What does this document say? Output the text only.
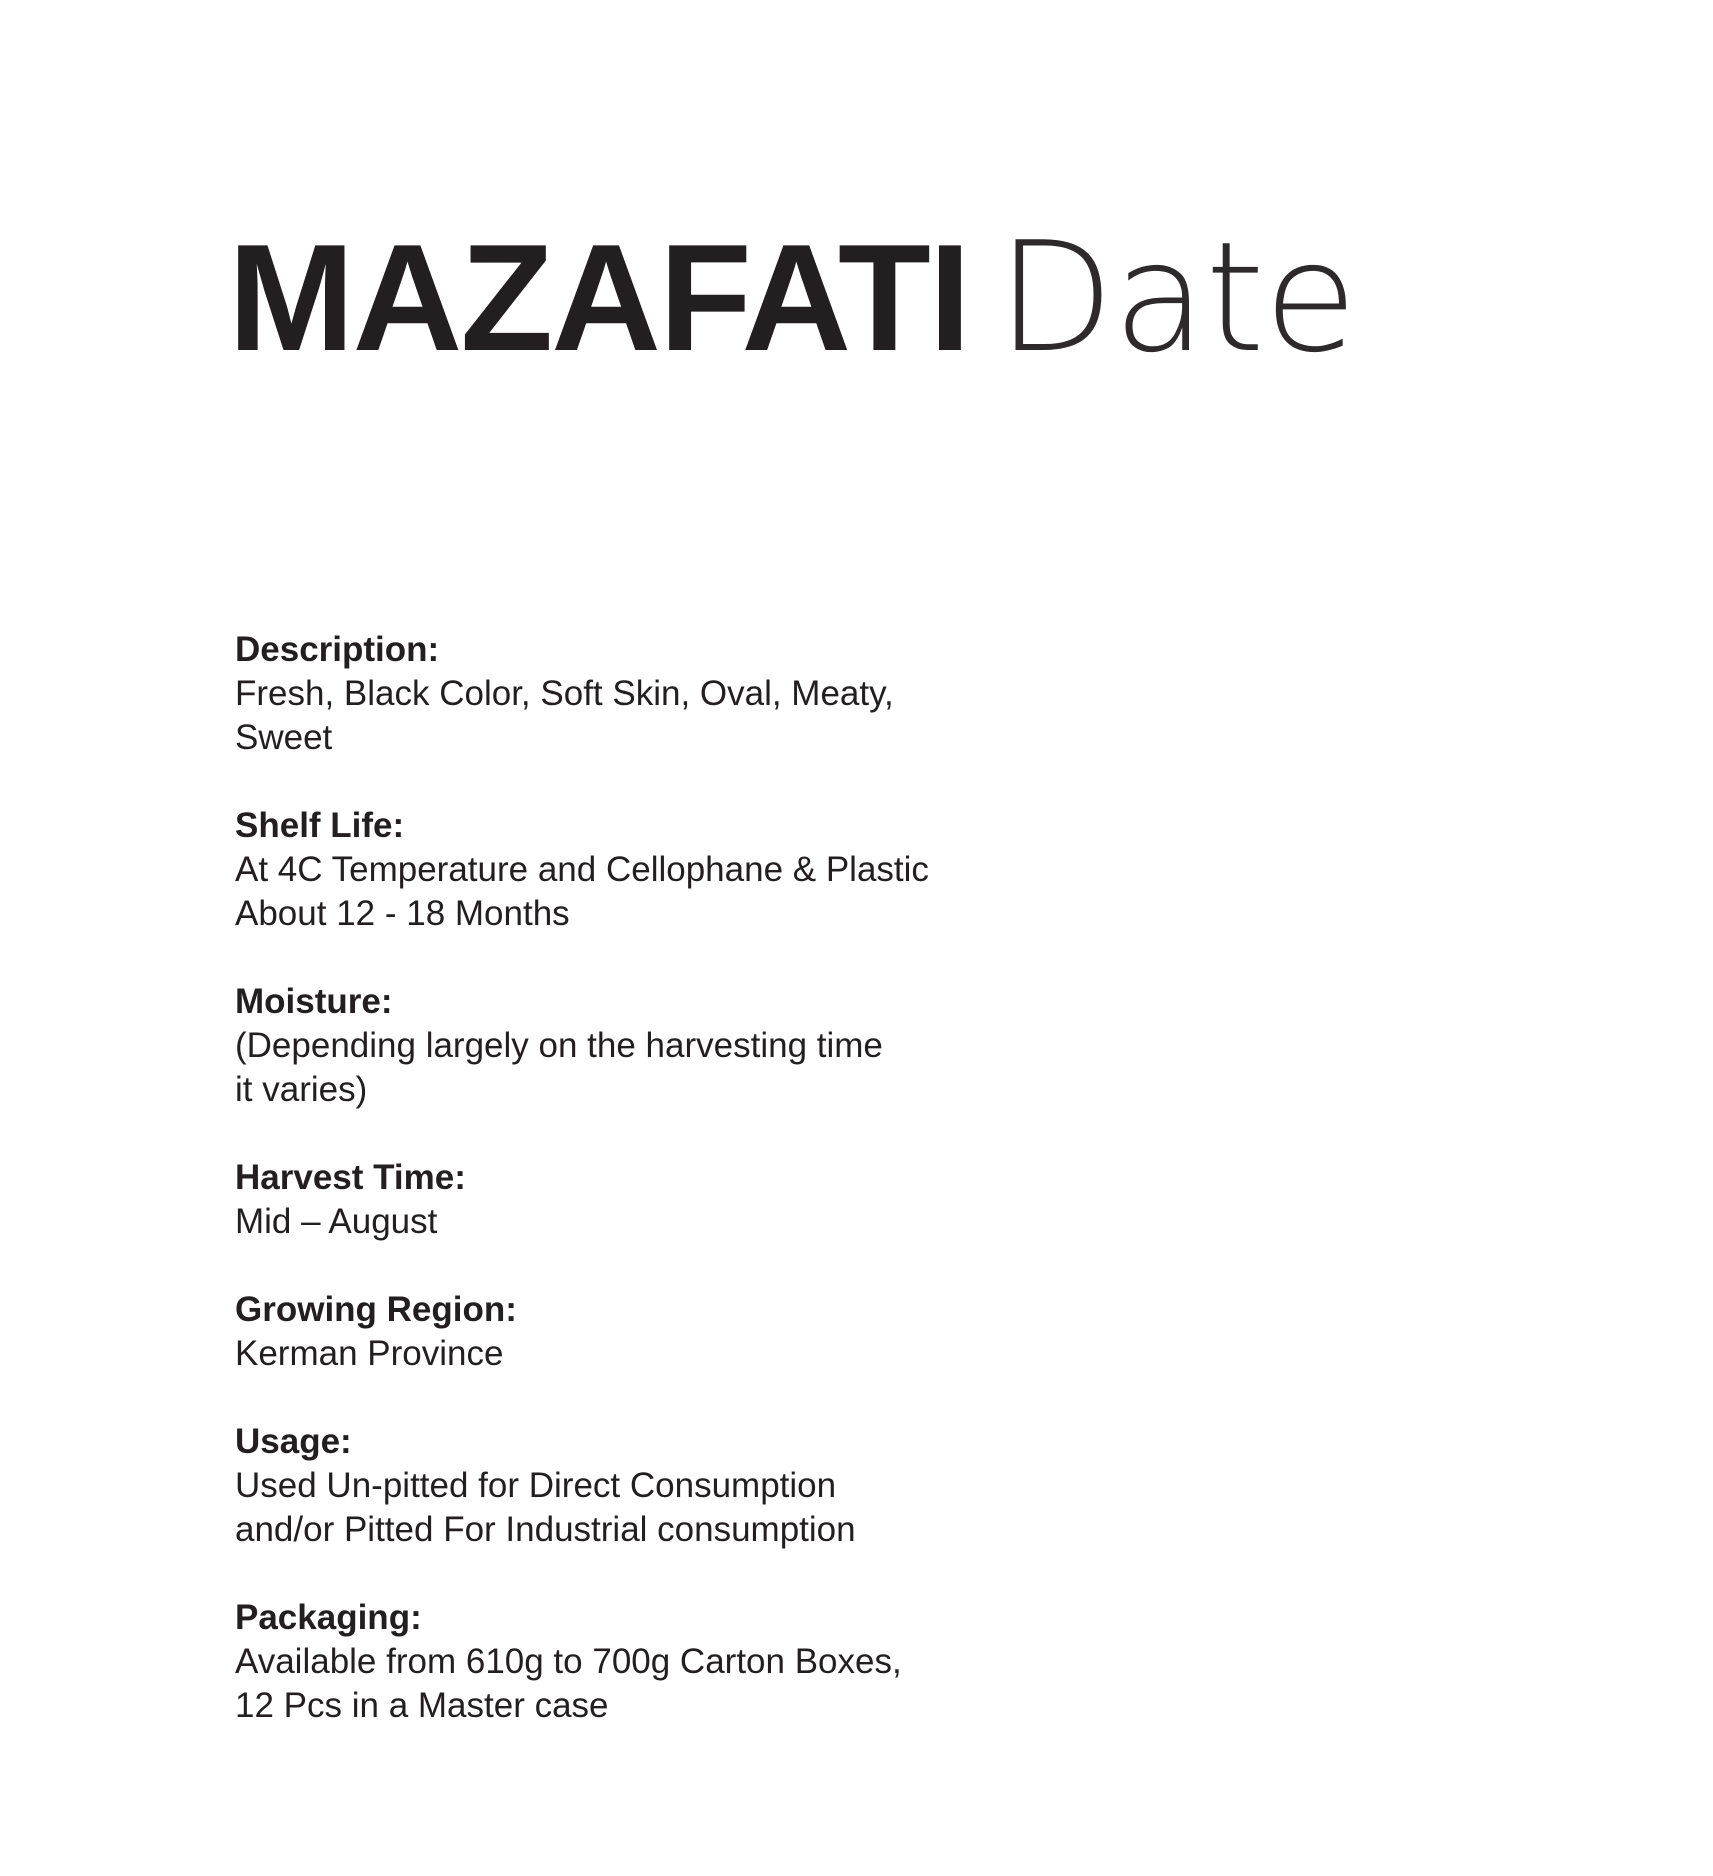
MAZAFATI Date
Description:
Fresh, Black Color, Soft Skin, Oval, Meaty,
Sweet
Shelf Life:
At 4C Temperature and Cellophane & Plastic
About 12 - 18 Months
Moisture:
(Depending largely on the harvesting time
it varies)
Harvest Time:
Mid – August
Growing Region:
Kerman Province
Usage:
Used Un-pitted for Direct Consumption
and/or Pitted For Industrial consumption
Packaging:
Available from 610g to 700g Carton Boxes,
12 Pcs in a Master case
